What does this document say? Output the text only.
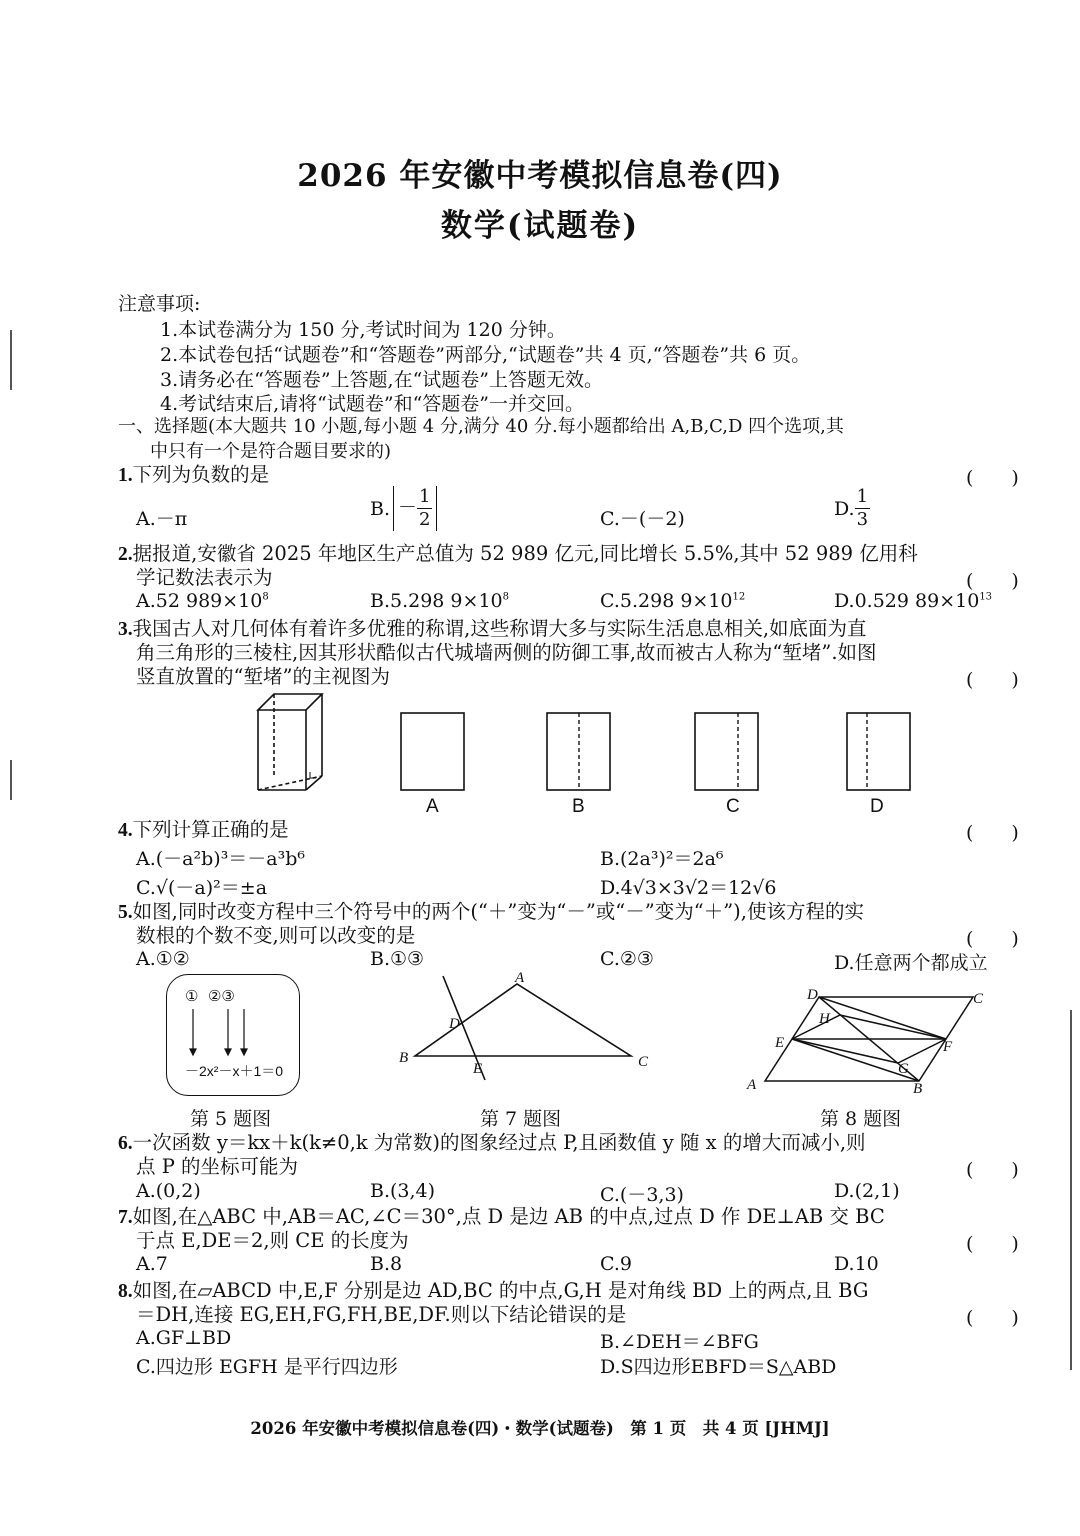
2026 年安徽中考模拟信息卷(四)
数学(试题卷)
注意事项:
1.本试卷满分为 150 分,考试时间为 120 分钟。
2.本试卷包括“试题卷”和“答题卷”两部分,“试题卷”共 4 页,“答题卷”共 6 页。
3.请务必在“答题卷”上答题,在“试题卷”上答题无效。
4.考试结束后,请将“试题卷”和“答题卷”一并交回。
一、选择题(本大题共 10 小题,每小题 4 分,满分 40 分.每小题都给出 A,B,C,D 四个选项,其
中只有一个是符合题目要求的)
1.下列为负数的是	(　　)
A.－π	B. － $\frac{1}{2}$	C.－(－2)	D. $\frac{1}{3}$
2.据报道,安徽省 2025 年地区生产总值为 52 989 亿元,同比增长 5.5%,其中 52 989 亿用科
学记数法表示为	(　　)
A.52 $989\times 10^8$	B.5.298 $9\times 10^8$	C.5.298 $9\times 10^{12}$	D.0.529 $89\times 10^{13}$
3.我国古人对几何体有着许多优雅的称谓,这些称谓大多与实际生活息息相关,如底面为直
角三角形的三棱柱,因其形状酷似古代城墙两侧的防御工事,故而被古人称为“堑堵”.如图
竖直放置的“堑堵”的主视图为	(　　)
A	B	C	D
4.下列计算正确的是	(　　)
A.(－a²b)³＝－a³b⁶	B.(2a³)²＝2a⁶
C.√(－a)²＝±a	D.4√3×3√2＝12√6
5.如图,同时改变方程中三个符号中的两个(“＋”变为“－”或“－”变为“＋”),使该方程的实
数根的个数不变,则可以改变的是	(　　)
A.①②	B.①③	C.②③	D.任意两个都成立
①  ②③
－2x²－x＋1＝0
A
B	C
D
E
A	B
C
D
E	F
G
H
第 5 题图	第 7 题图	第 8 题图
6.一次函数 y＝kx＋k(k≠0,k 为常数)的图象经过点 P,且函数值 y 随 x 的增大而减小,则
点 P 的坐标可能为	(　　)
A.(0,2)	B.(3,4)	C.(－3,3)	D.(2,1)
7.如图,在△ABC 中,AB＝AC,∠C＝30°,点 D 是边 AB 的中点,过点 D 作 DE⊥AB 交 BC
于点 E,DE＝2,则 CE 的长度为	(　　)
A.7	B.8	C.9	D.10
8.如图,在▱ABCD 中,E,F 分别是边 AD,BC 的中点,G,H 是对角线 BD 上的两点,且 BG
＝DH,连接 EG,EH,FG,FH,BE,DF.则以下结论错误的是	(　　)
A.GF⊥BD	B.∠DEH＝∠BFG
C.四边形 EGFH 是平行四边形	D.S四边形EBFD＝S△ABD
2026 年安徽中考模拟信息卷(四)・数学(试题卷)　第 1 页　共 4 页 [JHMJ]
